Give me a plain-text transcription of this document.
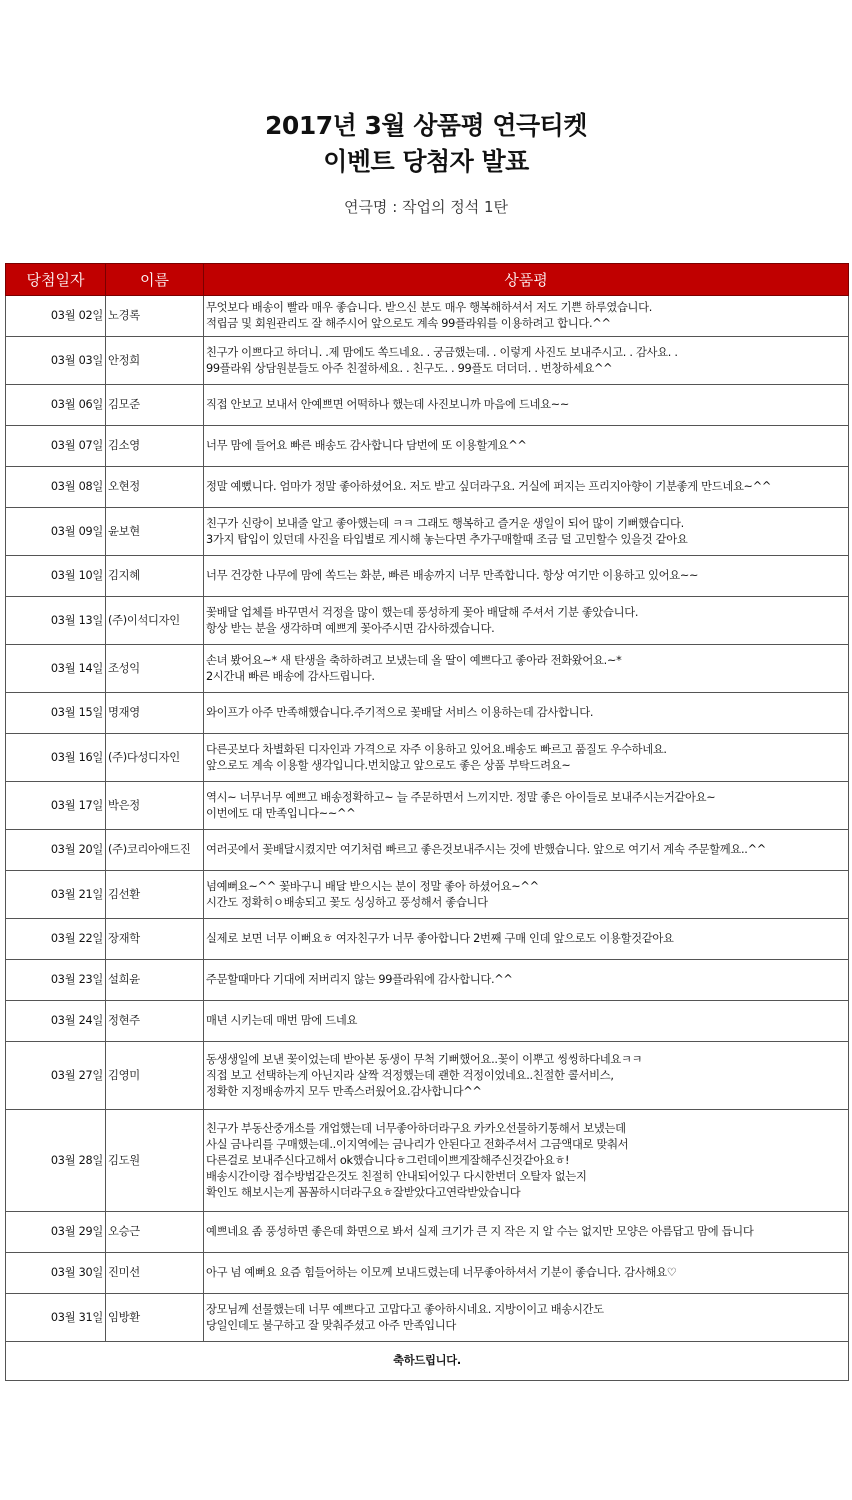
2017년 3월 상품평 연극티켓
이벤트 당첨자 발표
연극명 : 작업의 정석 1탄
당첨일자	이름	상품평
03월 02일	노경록	무엇보다 배송이 빨라 매우 좋습니다. 받으신 분도 매우 행복해하셔서 저도 기쁜 하루였습니다.
적립금 및 회원관리도 잘 해주시어 앞으로도 계속 99플라워를 이용하려고 합니다.^^

03월 03일	안정희	친구가 이쁘다고 하더니. .제 맘에도 쏙드네요. . 궁금했는데. . 이렇게 사진도 보내주시고. . 감사요. .
99플라워 상담원분들도 아주 친절하세요. . 친구도. . 99플도 더더더. . 번창하세요^^

03월 06일	김모준	직접 안보고 보내서 안예쁘면 어떡하나 했는데 사진보니까 마음에 드네요~~

03월 07일	김소영	너무 맘에 들어요 빠른 배송도 감사합니다 담번에 또 이용할게요^^

03월 08일	오현정	정말 예뻤니다. 엄마가 정말 좋아하셨어요. 저도 받고 싶더라구요. 거실에 퍼지는 프리지아향이 기분좋게 만드네요~^^

03월 09일	윤보현	친구가 신랑이 보내줄 알고 좋아했는데 ㅋㅋ 그래도 행복하고 즐거운 생일이 되어 많이 기뻐했습디다.
3가지 탑입이 있던데 사진을 타입별로 게시해 놓는다면 추가구매할때 조금 덜 고민할수 있을것 같아요

03월 10일	김지혜	너무 건강한 나무에 맘에 쏙드는 화분, 빠른 배송까지 너무 만족합니다. 항상 여기만 이용하고 있어요~~

03월 13일	(주)이석디자인	꽃배달 업체를 바꾸면서 걱정을 많이 했는데 풍성하게 꽃아 배달해 주셔서 기분 좋았습니다.
항상 받는 분을 생각하며 예쁘게 꽃아주시면 감사하겠습니다.

03월 14일	조성익	손녀 봤어요~* 새 탄생을 축하하려고 보냈는데 올 딸이 예쁘다고 좋아라 전화왔어요.~*
2시간내 빠른 배송에 감사드립니다.

03월 15일	명재영	와이프가 아주 만족해했습니다.주기적으로 꽃배달 서비스 이용하는데 감사합니다.

03월 16일	(주)다성디자인	다른곳보다 차별화된 디자인과 가격으로 자주 이용하고 있어요.배송도 빠르고 품질도 우수하네요.
앞으로도 계속 이용할 생각입니다.번치않고 앞으로도 좋은 상품 부탁드려요~

03월 17일	박은정	역시~ 너무너무 예쁘고 배송정확하고~ 늘 주문하면서 느끼지만. 정말 좋은 아이들로 보내주시는거같아요~
이번에도 대 만족입니다~~^^

03월 20일	(주)코리아애드진	여러곳에서 꽃배달시켰지만 여기처럼 빠르고 좋은것보내주시는 것에 반했습니다. 앞으로 여기서 계속 주문할께요..^^

03월 21일	김선환	넘예뻐요~^^ 꽃바구니 배달 받으시는 분이 정말 좋아 하셨어요~^^
시간도 정확히ㅇ배송되고 꽃도 싱싱하고 풍성해서 좋습니다

03월 22일	장재학	실제로 보면 너무 이뻐요ㅎ 여자친구가 너무 좋아합니다 2번째 구매 인데 앞으로도 이용할것같아요

03월 23일	설희윤	주문할때마다 기대에 저버리지 않는 99플라워에 감사합니다.^^

03월 24일	정현주	매년 시키는데 매번 맘에 드네요

03월 27일	김영미	동생생일에 보낸 꽃이었는데 받아본 동생이 무척 기뻐했어요..꽃이 이뿌고 씽씽하다네요ㅋㅋ
직접 보고 선택하는게 아닌지라 살짝 걱정했는데 괜한 걱정이었네요..친절한 콜서비스,
정확한 지정배송까지 모두 만족스러웠어요.감사합니다^^

03월 28일	김도원	친구가 부동산중개소를 개업했는데 너무좋아하더라구요 카카오선물하기통해서 보냈는데
사실 금나리를 구매했는데..이지역에는 금나리가 안된다고 전화주셔서 그금액대로 맞춰서
다른걸로 보내주신다고해서 ok했습니다ㅎ그런데이쁘게잘해주신것같아요ㅎ!
배송시간이랑 접수방법같은것도 친절히 안내되어있구 다시한번더 오탈자 없는지
확인도 해보시는게 꼼꼼하시더라구요ㅎ잘받았다고연락받았습니다

03월 29일	오승근	예쁘네요 좀 풍성하면 좋은데 화면으로 봐서 실제 크기가 큰 지 작은 지 알 수는 없지만 모양은 아름답고 맘에 듭니다

03월 30일	진미선	아구 넘 예뻐요 요즘 힘들어하는 이모께 보내드렸는데 너무좋아하셔서 기분이 좋습니다. 감사해요♡

03월 31일	임방환	장모님께 선물했는데 너무 예쁘다고 고맙다고 좋아하시네요. 지방이이고 배송시간도
당일인데도 불구하고 잘 맞춰주셨고 아주 만족입니다

축하드립니다.		
